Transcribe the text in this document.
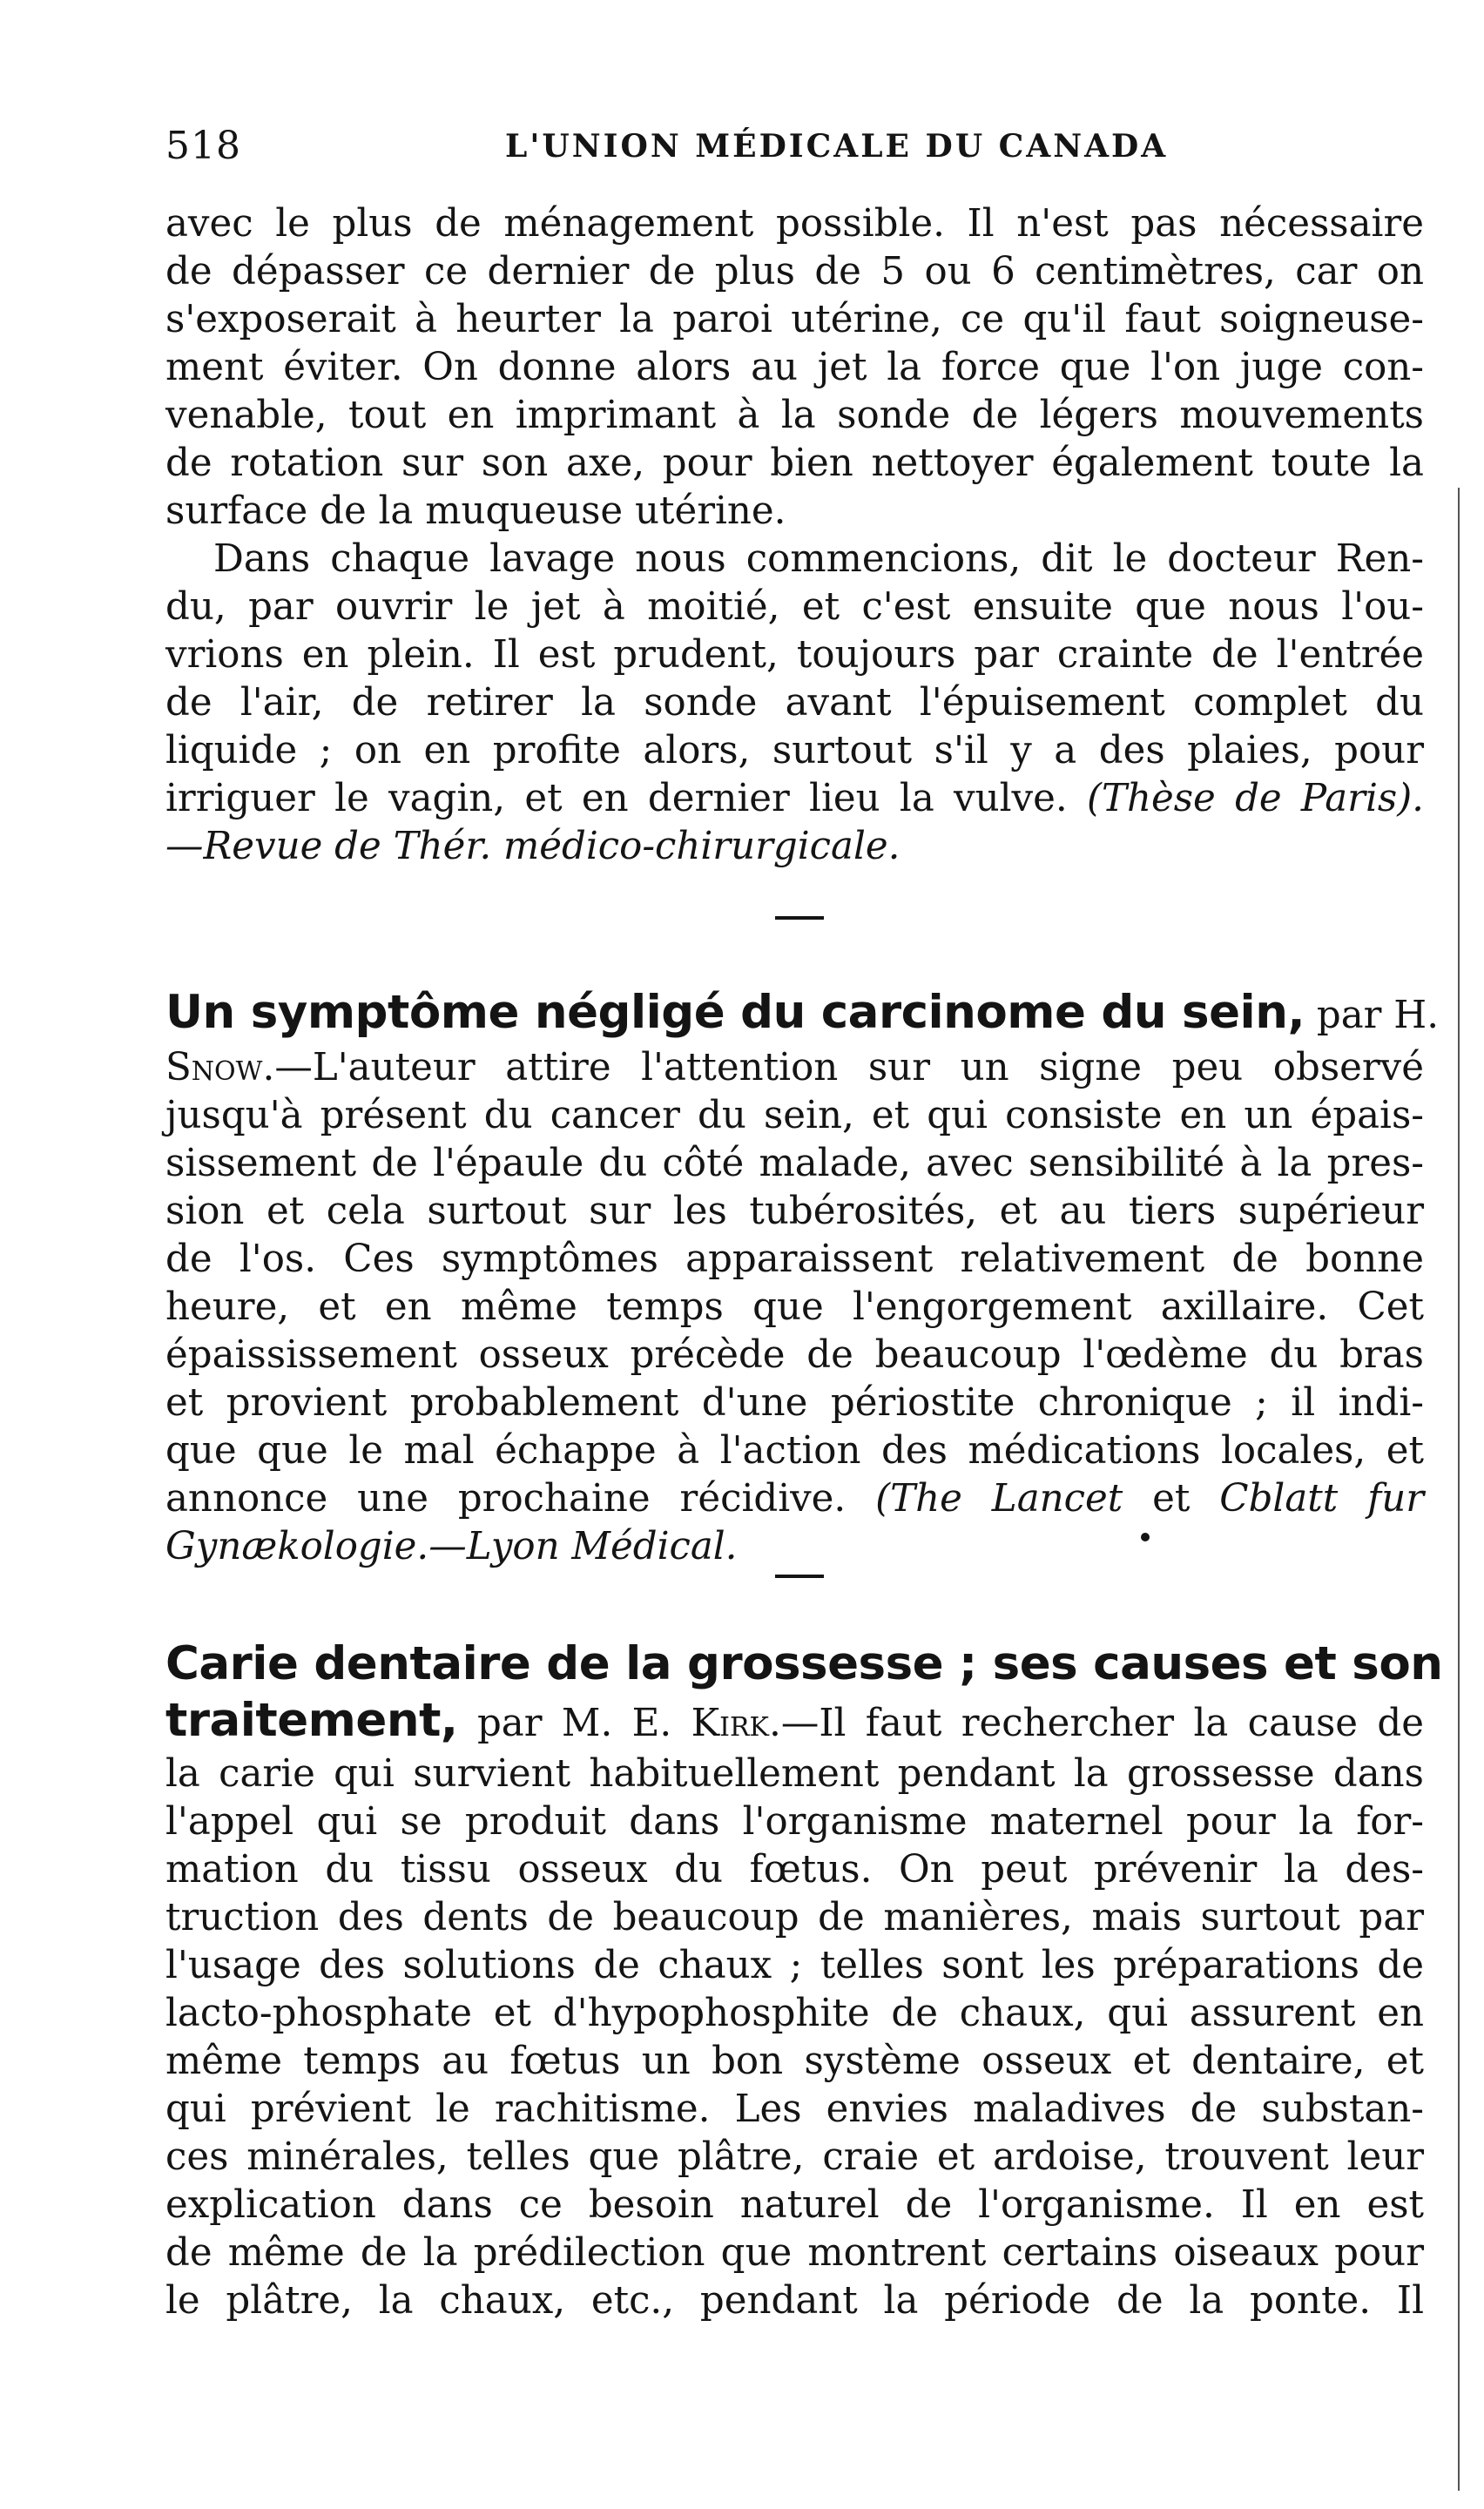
518	L'UNION MÉDICALE DU CANADA
avec le plus de ménagement possible. Il n'est pas nécessaire
de dépasser ce dernier de plus de 5 ou 6 centimètres, car on
s'exposerait à heurter la paroi utérine, ce qu'il faut soigneuse-
ment éviter. On donne alors au jet la force que l'on juge con-
venable, tout en imprimant à la sonde de légers mouvements
de rotation sur son axe, pour bien nettoyer également toute la
surface de la muqueuse utérine.
Dans chaque lavage nous commencions, dit le docteur Ren-
du, par ouvrir le jet à moitié, et c'est ensuite que nous l'ou-
vrions en plein. Il est prudent, toujours par crainte de l'entrée
de l'air, de retirer la sonde avant l'épuisement complet du
liquide ; on en profite alors, surtout s'il y a des plaies, pour
irriguer le vagin, et en dernier lieu la vulve. (Thèse de Paris).
—Revue de Thér. médico-chirurgicale.
Un symptôme négligé du carcinome du sein, par H.
Snow.—L'auteur attire l'attention sur un signe peu observé
jusqu'à présent du cancer du sein, et qui consiste en un épais-
sissement de l'épaule du côté malade, avec sensibilité à la pres-
sion et cela surtout sur les tubérosités, et au tiers supérieur
de l'os. Ces symptômes apparaissent relativement de bonne
heure, et en même temps que l'engorgement axillaire. Cet
épaississement osseux précède de beaucoup l'œdème du bras
et provient probablement d'une périostite chronique ; il indi-
que que le mal échappe à l'action des médications locales, et
annonce une prochaine récidive. (The Lancet et Cblatt fur
Gynækologie.—Lyon Médical.
Carie dentaire de la grossesse ; ses causes et son
traitement, par M. E. Kirk.—Il faut rechercher la cause de
la carie qui survient habituellement pendant la grossesse dans
l'appel qui se produit dans l'organisme maternel pour la for-
mation du tissu osseux du fœtus. On peut prévenir la des-
truction des dents de beaucoup de manières, mais surtout par
l'usage des solutions de chaux ; telles sont les préparations de
lacto-phosphate et d'hypophosphite de chaux, qui assurent en
même temps au fœtus un bon système osseux et dentaire, et
qui prévient le rachitisme. Les envies maladives de substan-
ces minérales, telles que plâtre, craie et ardoise, trouvent leur
explication dans ce besoin naturel de l'organisme. Il en est
de même de la prédilection que montrent certains oiseaux pour
le plâtre, la chaux, etc., pendant la période de la ponte. Il
